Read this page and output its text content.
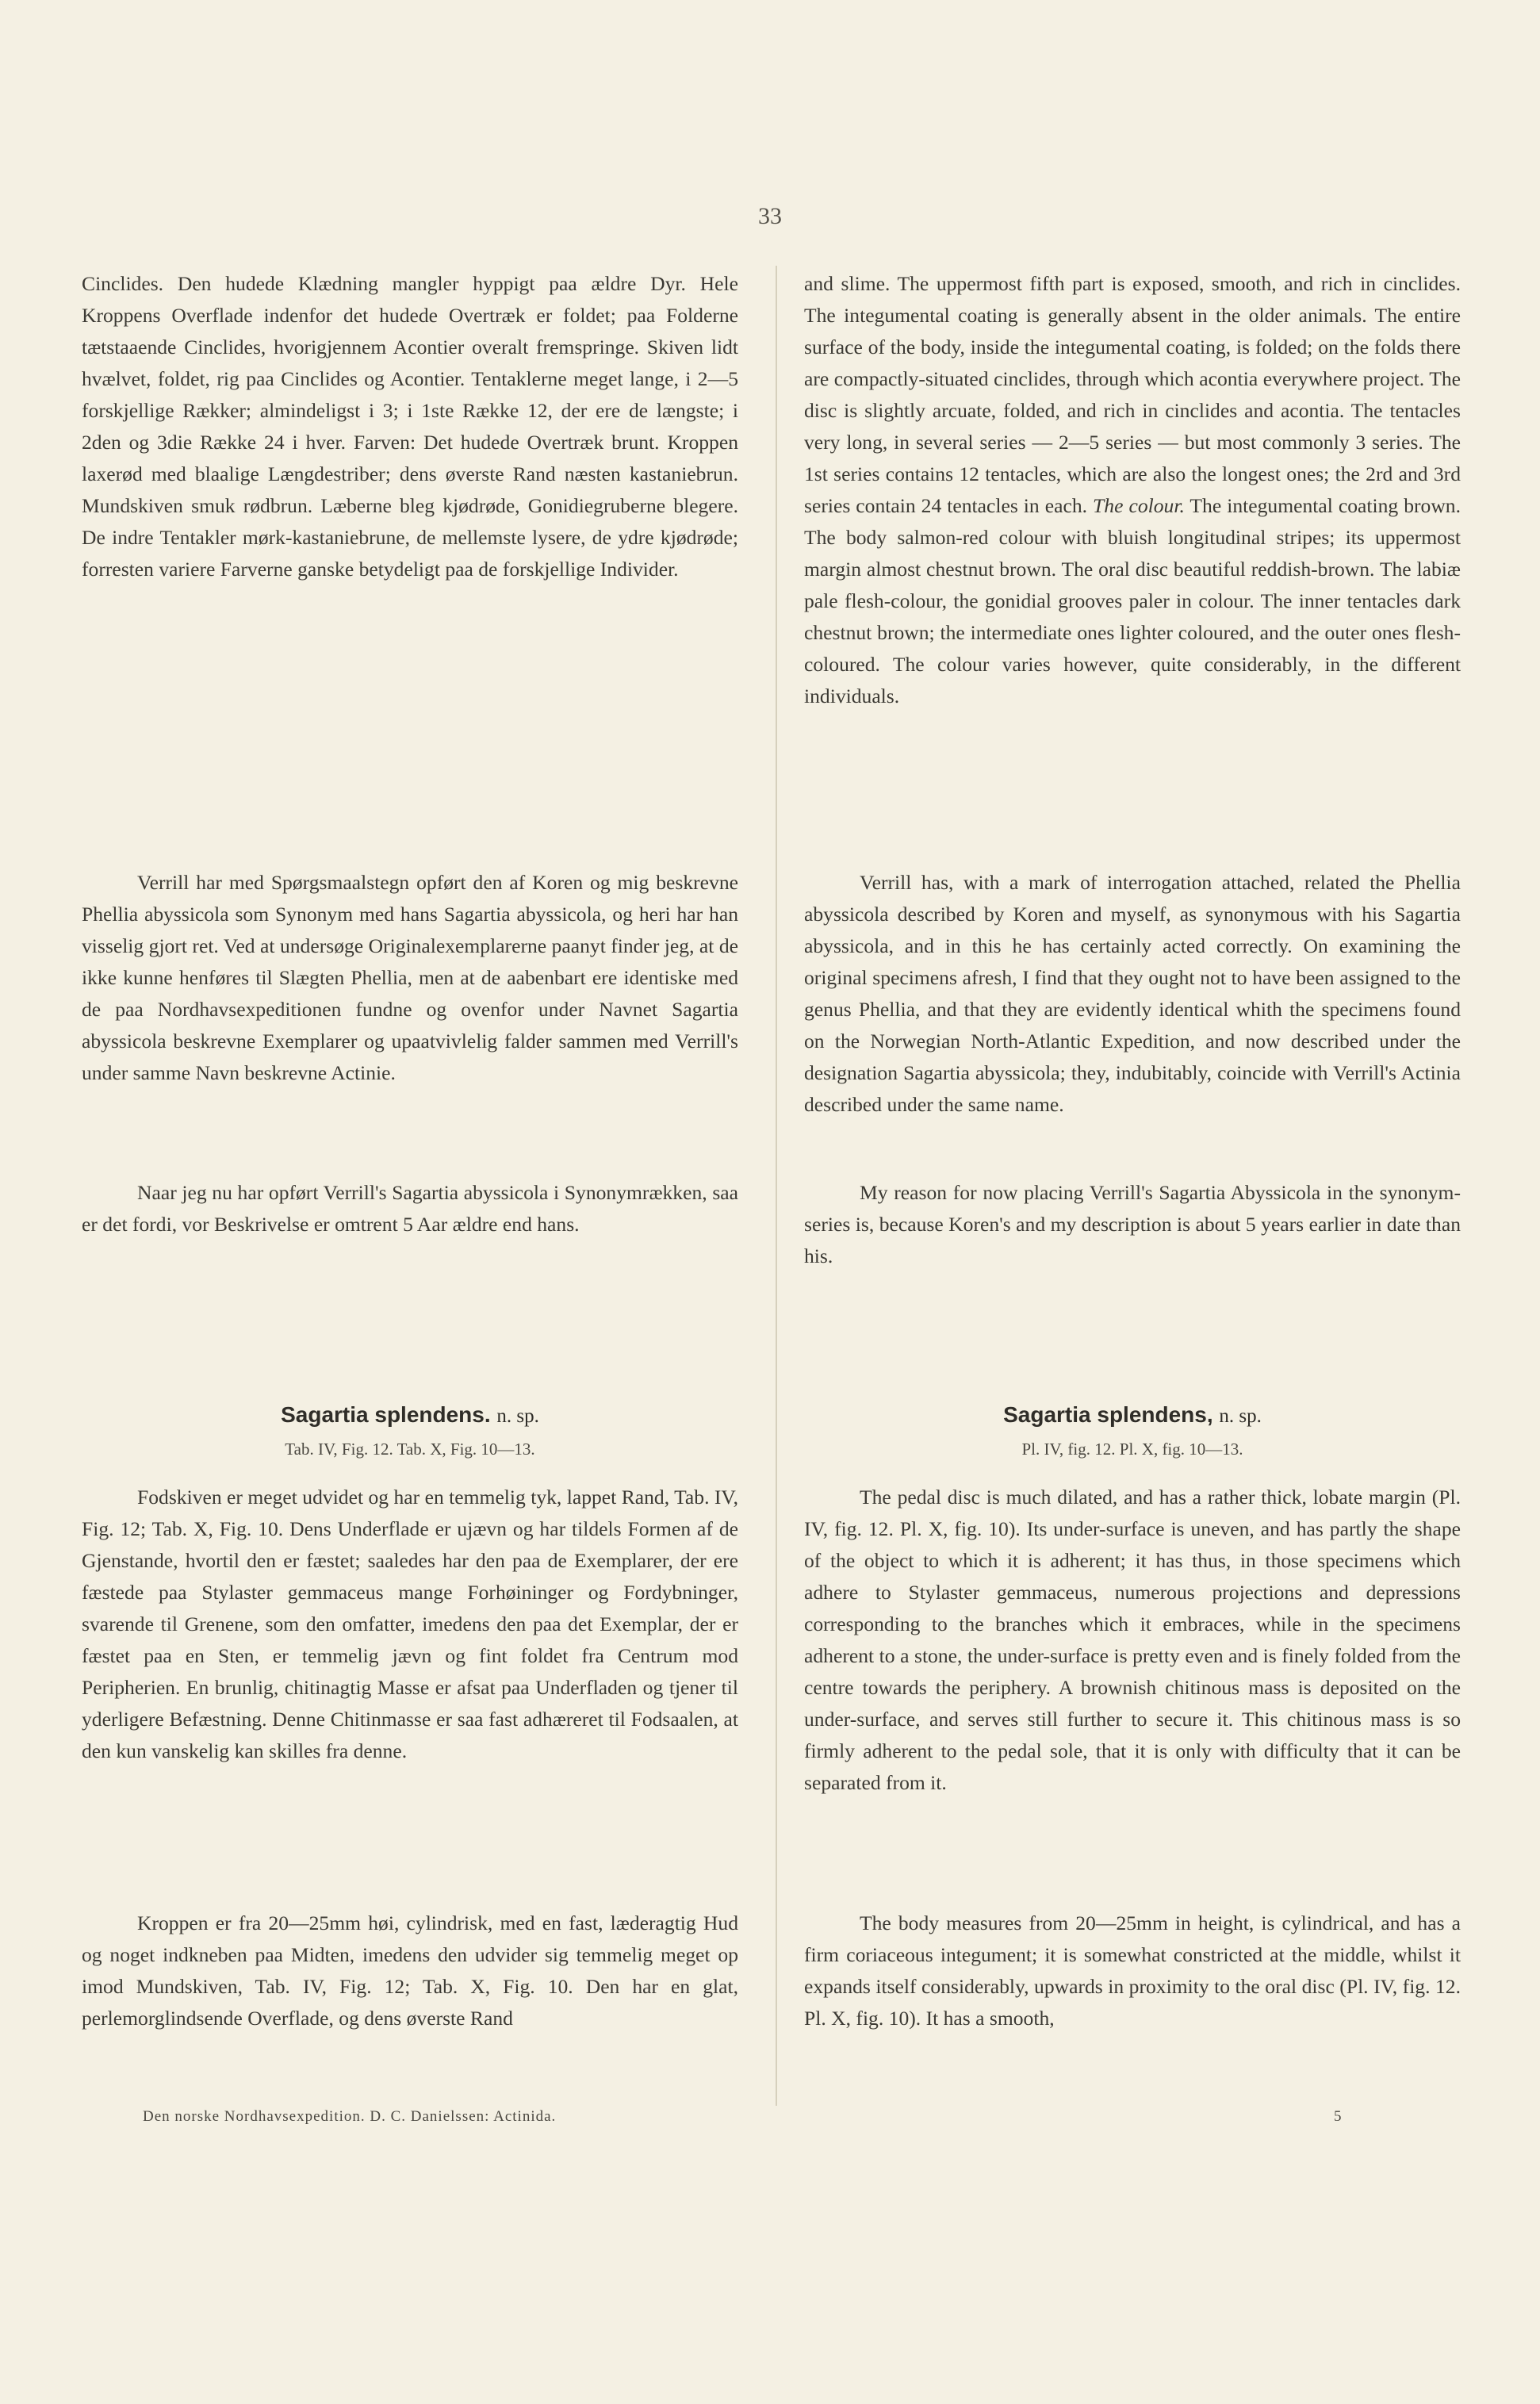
33

Cinclides. Den hudede Klædning mangler hyppigt paa ældre Dyr. Hele Kroppens Overflade indenfor det hudede Overtræk er foldet; paa Folderne tætstaaende Cinclides, hvorigjennem Acontier overalt fremspringe. Skiven lidt hvælvet, foldet, rig paa Cinclides og Acontier. Tentaklerne meget lange, i 2—5 forskjellige Rækker; almindeligst i 3; i 1ste Række 12, der ere de længste; i 2den og 3die Række 24 i hver. Farven: Det hudede Overtræk brunt. Kroppen laxerød med blaalige Længdestriber; dens øverste Rand næsten kastaniebrun. Mundskiven smuk rødbrun. Læberne bleg kjødrøde, Gonidiegruberne blegere. De indre Tentakler mørk-kastaniebrune, de mellemste lysere, de ydre kjødrøde; forresten variere Farverne ganske betydeligt paa de forskjellige Individer.

Verrill har med Spørgsmaalstegn opført den af Koren og mig beskrevne Phellia abyssicola som Synonym med hans Sagartia abyssicola, og heri har han visselig gjort ret. Ved at undersøge Originalexemplarerne paanyt finder jeg, at de ikke kunne henføres til Slægten Phellia, men at de aabenbart ere identiske med de paa Nordhavsexpeditionen fundne og ovenfor under Navnet Sagartia abyssicola beskrevne Exemplarer og upaatvivlelig falder sammen med Verrill's under samme Navn beskrevne Actinie.

Naar jeg nu har opført Verrill's Sagartia abyssicola i Synonymrækken, saa er det fordi, vor Beskrivelse er omtrent 5 Aar ældre end hans.

Sagartia splendens. n. sp.
Tab. IV, Fig. 12. Tab. X, Fig. 10—13.

Fodskiven er meget udvidet og har en temmelig tyk, lappet Rand, Tab. IV, Fig. 12; Tab. X, Fig. 10. Dens Underflade er ujævn og har tildels Formen af de Gjenstande, hvortil den er fæstet; saaledes har den paa de Exemplarer, der ere fæstede paa Stylaster gemmaceus mange Forhøininger og Fordybninger, svarende til Grenene, som den omfatter, imedens den paa det Exemplar, der er fæstet paa en Sten, er temmelig jævn og fint foldet fra Centrum mod Peripherien. En brunlig, chitinagtig Masse er afsat paa Underfladen og tjener til yderligere Befæstning. Denne Chitinmasse er saa fast adhæreret til Fodsaalen, at den kun vanskelig kan skilles fra denne.

Kroppen er fra 20—25mm høi, cylindrisk, med en fast, læderagtig Hud og noget indkneben paa Midten, imedens den udvider sig temmelig meget op imod Mundskiven, Tab. IV, Fig. 12; Tab. X, Fig. 10. Den har en glat, perlemorglindsende Overflade, og dens øverste Rand

and slime. The uppermost fifth part is exposed, smooth, and rich in cinclides. The integumental coating is generally absent in the older animals. The entire surface of the body, inside the integumental coating, is folded; on the folds there are compactly-situated cinclides, through which acontia everywhere project. The disc is slightly arcuate, folded, and rich in cinclides and acontia. The tentacles very long, in several series — 2—5 series — but most commonly 3 series. The 1st series contains 12 tentacles, which are also the longest ones; the 2rd and 3rd series contain 24 tentacles in each. The colour. The integumental coating brown. The body salmon-red colour with bluish longitudinal stripes; its uppermost margin almost chestnut brown. The oral disc beautiful reddish-brown. The labiæ pale flesh-colour, the gonidial grooves paler in colour. The inner tentacles dark chestnut brown; the intermediate ones lighter coloured, and the outer ones flesh-coloured. The colour varies however, quite considerably, in the different individuals.

Verrill has, with a mark of interrogation attached, related the Phellia abyssicola described by Koren and myself, as synonymous with his Sagartia abyssicola, and in this he has certainly acted correctly. On examining the original specimens afresh, I find that they ought not to have been assigned to the genus Phellia, and that they are evidently identical whith the specimens found on the Norwegian North-Atlantic Expedition, and now described under the designation Sagartia abyssicola; they, indubitably, coincide with Verrill's Actinia described under the same name.

My reason for now placing Verrill's Sagartia Abyssicola in the synonym-series is, because Koren's and my description is about 5 years earlier in date than his.

Sagartia splendens, n. sp.
Pl. IV, fig. 12. Pl. X, fig. 10—13.

The pedal disc is much dilated, and has a rather thick, lobate margin (Pl. IV, fig. 12. Pl. X, fig. 10). Its under-surface is uneven, and has partly the shape of the object to which it is adherent; it has thus, in those specimens which adhere to Stylaster gemmaceus, numerous projections and depressions corresponding to the branches which it embraces, while in the specimens adherent to a stone, the under-surface is pretty even and is finely folded from the centre towards the periphery. A brownish chitinous mass is deposited on the under-surface, and serves still further to secure it. This chitinous mass is so firmly adherent to the pedal sole, that it is only with difficulty that it can be separated from it.

The body measures from 20—25mm in height, is cylindrical, and has a firm coriaceous integument; it is somewhat constricted at the middle, whilst it expands itself considerably, upwards in proximity to the oral disc (Pl. IV, fig. 12. Pl. X, fig. 10). It has a smooth,

Den norske Nordhavsexpedition. D. C. Danielssen: Actinida.	5
